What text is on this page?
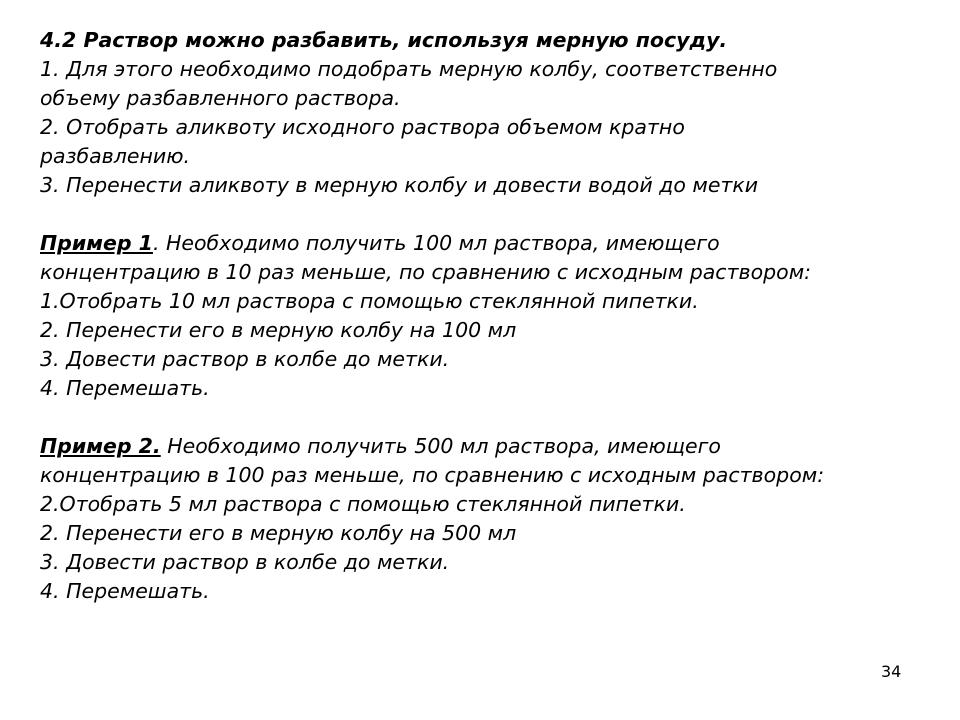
4.2 Раствор можно разбавить, используя мерную посуду.
1. Для этого необходимо подобрать мерную колбу, соответственно
объему разбавленного раствора.
2. Отобрать аликвоту исходного раствора объемом кратно
разбавлению.
3. Перенести аликвоту в мерную колбу и довести водой до метки
Пример 1. Необходимо получить 100 мл раствора, имеющего
концентрацию в 10 раз меньше, по сравнению с исходным раствором:
1.Отобрать 10 мл раствора с помощью стеклянной пипетки.
2. Перенести его в мерную колбу на 100 мл
3. Довести раствор в колбе до метки.
4. Перемешать.
Пример 2. Необходимо получить 500 мл раствора, имеющего
концентрацию в 100 раз меньше, по сравнению с исходным раствором:
2.Отобрать 5 мл раствора с помощью стеклянной пипетки.
2. Перенести его в мерную колбу на 500 мл
3. Довести раствор в колбе до метки.
4. Перемешать.
34
